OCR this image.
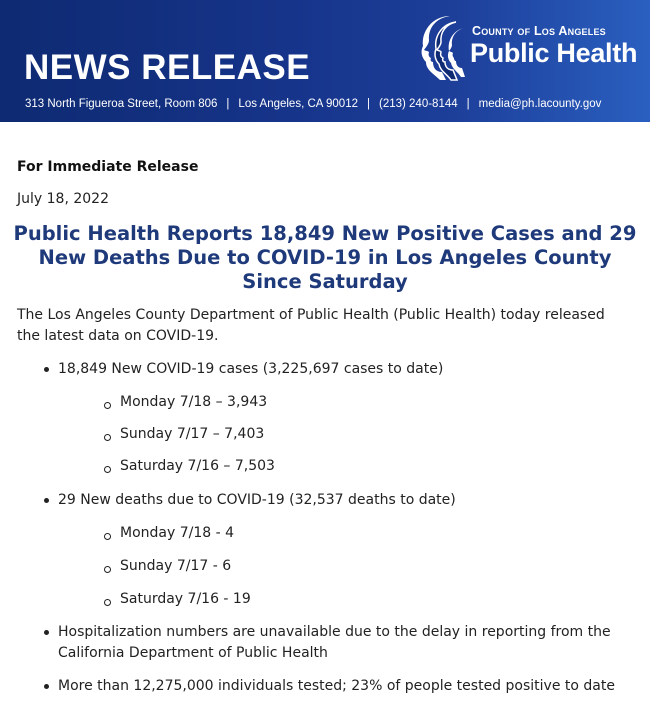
NEWS RELEASE
313 North Figueroa Street, Room 806 | Los Angeles, CA 90012 | (213) 240-8144 | media@ph.lacounty.gov
County of Los Angeles
Public Health
For Immediate Release
July 18, 2022
Public Health Reports 18,849 New Positive Cases and 29 New Deaths Due to COVID-19 in Los Angeles County Since Saturday
The Los Angeles County Department of Public Health (Public Health) today released the latest data on COVID-19.
18,849 New COVID-19 cases (3,225,697 cases to date)
Monday 7/18 – 3,943
Sunday 7/17 – 7,403
Saturday 7/16 – 7,503
29 New deaths due to COVID-19 (32,537 deaths to date)
Monday 7/18 - 4
Sunday 7/17 - 6
Saturday 7/16 - 19
Hospitalization numbers are unavailable due to the delay in reporting from the California Department of Public Health
More than 12,275,000 individuals tested; 23% of people tested positive to date
